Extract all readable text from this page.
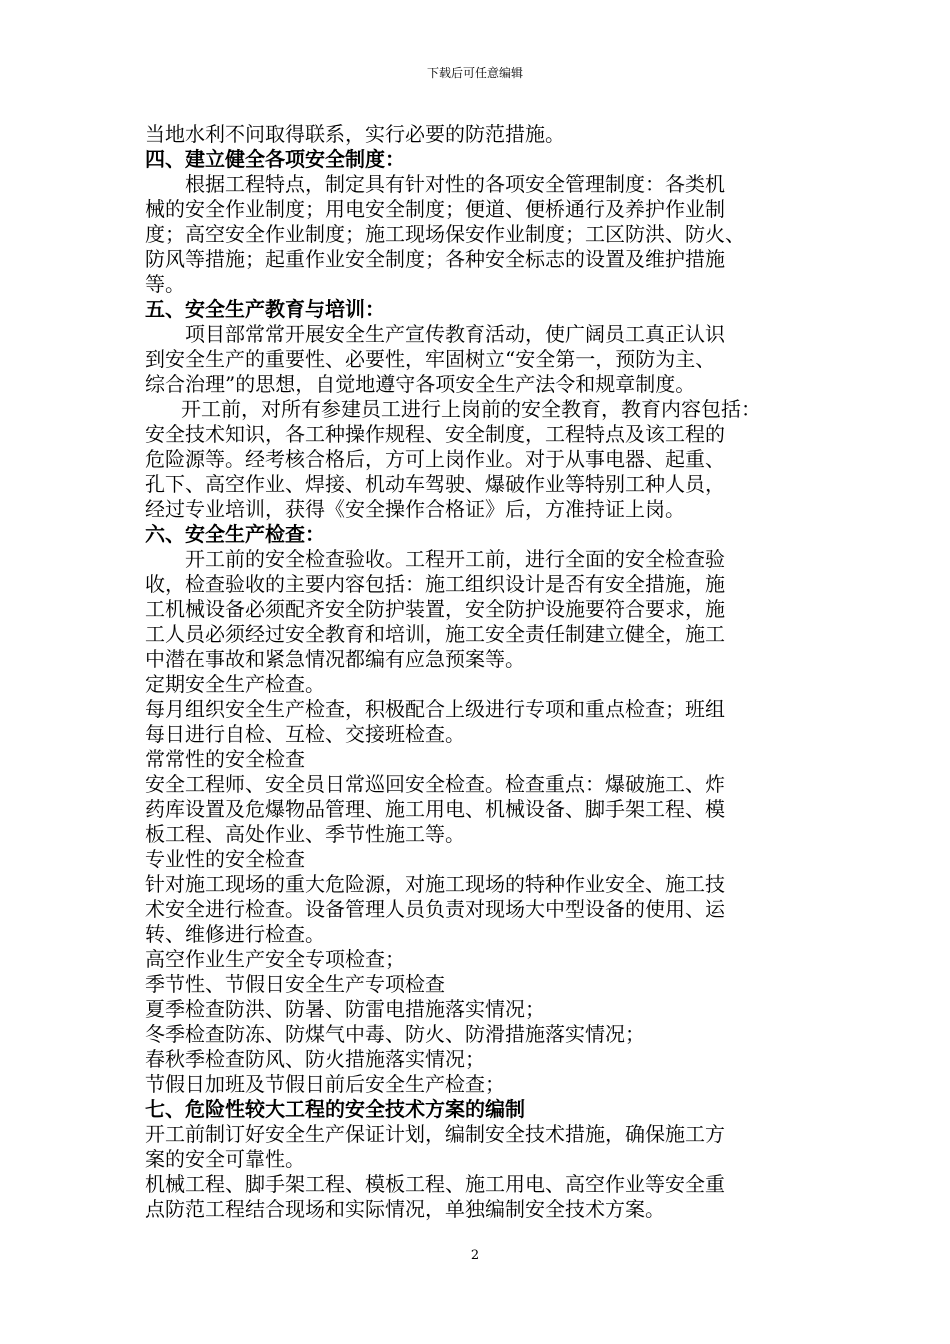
下载后可任意编辑
当地水利不问取得联系，实行必要的防范措施。
四、建立健全各项安全制度：
根据工程特点，制定具有针对性的各项安全管理制度：各类机
械的安全作业制度；用电安全制度；便道、便桥通行及养护作业制
度；高空安全作业制度；施工现场保安作业制度；工区防洪、防火、
防风等措施；起重作业安全制度；各种安全标志的设置及维护措施
等。
五、安全生产教育与培训：
项目部常常开展安全生产宣传教育活动，使广阔员工真正认识
到安全生产的重要性、必要性，牢固树立“安全第一，预防为主、
综合治理”的思想，自觉地遵守各项安全生产法令和规章制度。
开工前，对所有参建员工进行上岗前的安全教育，教育内容包括：
安全技术知识，各工种操作规程、安全制度，工程特点及该工程的
危险源等。经考核合格后，方可上岗作业。对于从事电器、起重、
孔下、高空作业、焊接、机动车驾驶、爆破作业等特别工种人员，
经过专业培训，获得《安全操作合格证》后，方准持证上岗。
六、安全生产检查：
开工前的安全检查验收。工程开工前，进行全面的安全检查验
收，检查验收的主要内容包括：施工组织设计是否有安全措施，施
工机械设备必须配齐安全防护装置，安全防护设施要符合要求，施
工人员必须经过安全教育和培训，施工安全责任制建立健全，施工
中潜在事故和紧急情况都编有应急预案等。
定期安全生产检查。
每月组织安全生产检查，积极配合上级进行专项和重点检查；班组
每日进行自检、互检、交接班检查。
常常性的安全检查
安全工程师、安全员日常巡回安全检查。检查重点：爆破施工、炸
药库设置及危爆物品管理、施工用电、机械设备、脚手架工程、模
板工程、高处作业、季节性施工等。
专业性的安全检查
针对施工现场的重大危险源，对施工现场的特种作业安全、施工技
术安全进行检查。设备管理人员负责对现场大中型设备的使用、运
转、维修进行检查。
高空作业生产安全专项检查；
季节性、节假日安全生产专项检查
夏季检查防洪、防暑、防雷电措施落实情况；
冬季检查防冻、防煤气中毒、防火、防滑措施落实情况；
春秋季检查防风、防火措施落实情况；
节假日加班及节假日前后安全生产检查；
七、危险性较大工程的安全技术方案的编制
开工前制订好安全生产保证计划，编制安全技术措施，确保施工方
案的安全可靠性。
机械工程、脚手架工程、模板工程、施工用电、高空作业等安全重
点防范工程结合现场和实际情况，单独编制安全技术方案。
2
